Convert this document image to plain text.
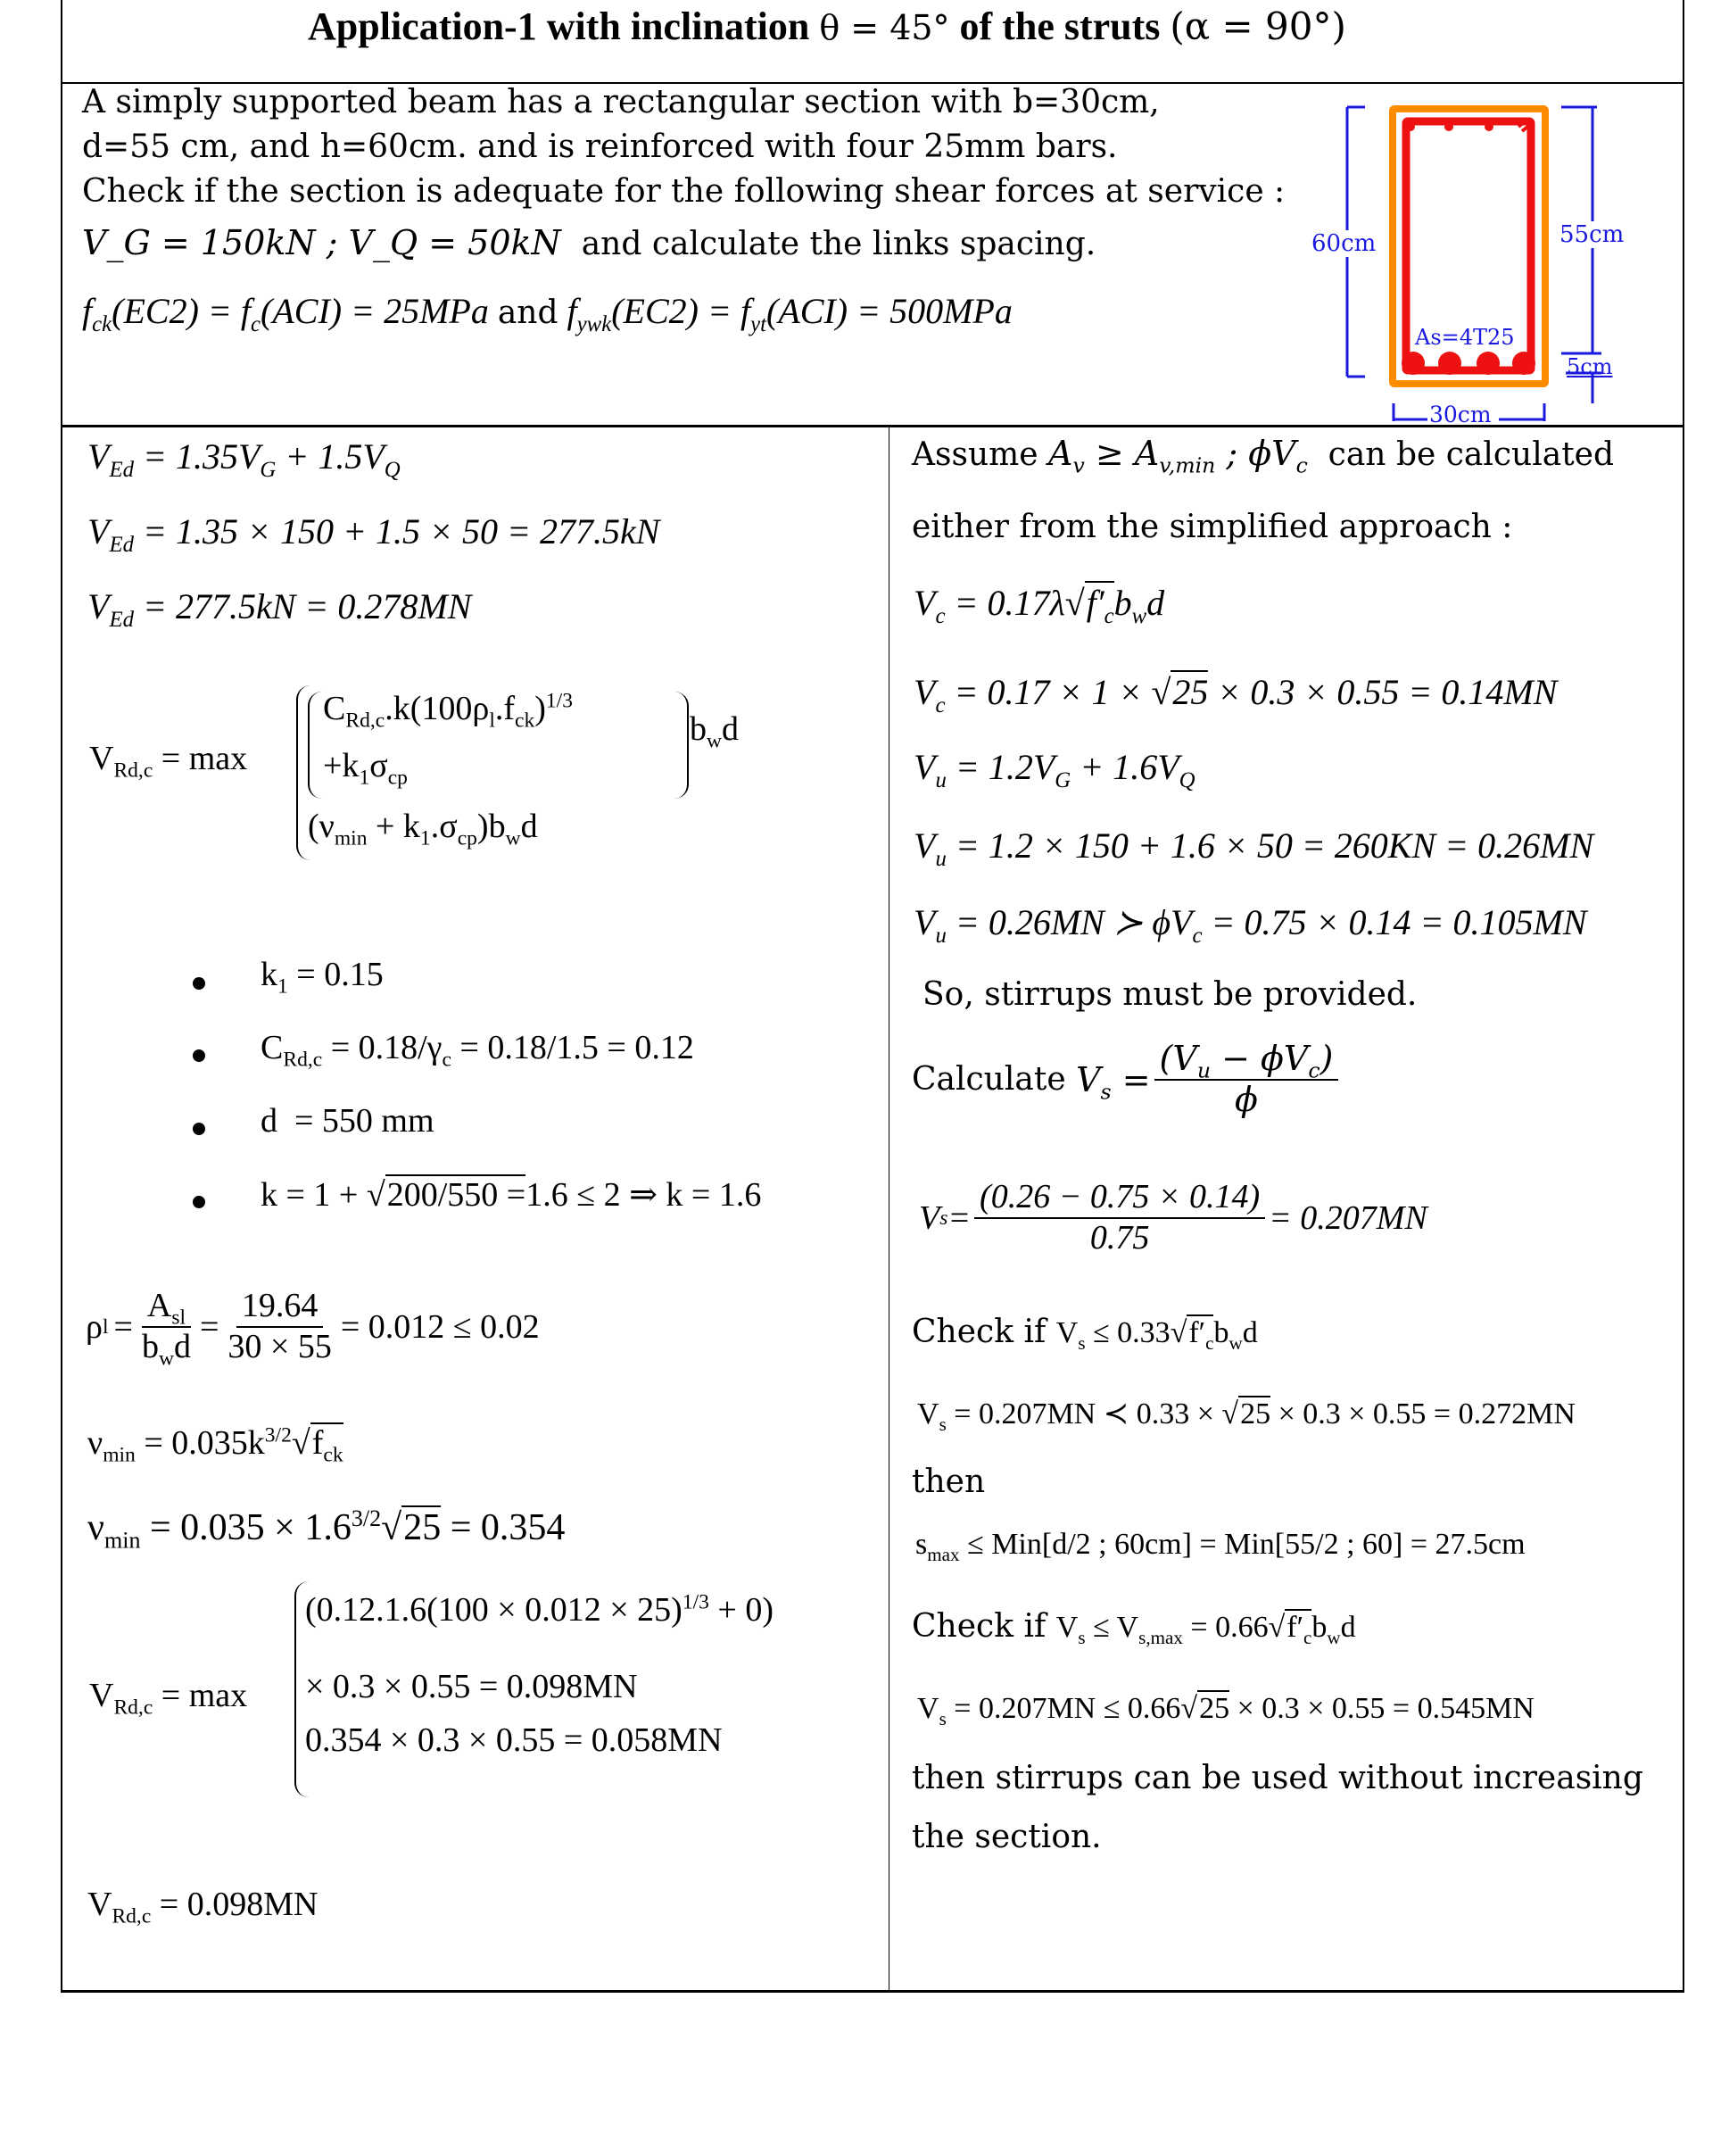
Application-1 with inclination θ = 45° of the struts (α = 90°)
A simply supported beam has a rectangular section with b=30cm,
d=55 cm, and h=60cm. and is reinforced with four 25mm bars.
Check if the section is adequate for the following shear forces at service :
V_G = 150kN ; V_Q = 50kN and calculate the links spacing.
$f_{ck}(EC2) = f_c(ACI) = 25MPa$ and $f_{ywk}(EC2) = f_{yt}(ACI) = 500MPa$
60cm	55cm
5cm
30cm
As=4T25
$V_{Ed} = 1.35V_G + 1.5V_Q$
$V_{Ed} = 1.35 \times 150 + 1.5 \times 50 = 277.5kN$
$V_{Ed} = 277.5kN = 0.278MN$
$V_{Rd,c} = \max$
$C_{Rd,c}.k(100\rho_l.f_{ck})^{1/3}$
$b_wd$
$+k_1\sigma_{cp}$
$(\nu_{min} + k_1.\sigma_{cp})b_wd$
$k_1 = 0.15$
$C_{Rd,c} = 0.18/\gamma_c = 0.18/1.5 = 0.12$
d  = 550 mm
k = 1 + √200/550 =1.6 ≤ 2 ⇒ k = 1.6
ρ $l = \frac{A_{sl}}{b_wd} = \frac{19.64}{30 \times 55} = 0.012 \le 0.02$
$\nu_{min} = 0.035k^{3/2}√f_{ck}$
$\nu_{min} = 0.035 \times 1.6^{3/2}√25 = 0.354$
$V_{Rd,c} = \max$
$(0.12.1.6(100 \times 0.012 \times 25)^{1/3} + 0)$
× 0.3 × 0.55 = 0.098MN
0.354 × 0.3 × 0.55 = 0.058MN
$V_{Rd,c} = 0.098MN$
Assume $A_v \ge A_{v,min}$ ; $\phi V_c$  can be calculated
either from the simplified approach :
$V_c = 0.17\lambda√f'_cb_wd$
$V_c = 0.17 \times 1 \times √25 \times 0.3 \times 0.55 = 0.14MN$
$V_u = 1.2V_G + 1.6V_Q$
$V_u = 1.2 \times 150 + 1.6 \times 50 = 260KN = 0.26MN$
$V_u = 0.26MN$ ≻ $\phi V_c = 0.75 \times 0.14 = 0.105MN$
So, stirrups must be provided.
Calculate $V_s = \frac{(V_u - \phi V_c)}{\phi}$
V $s = \frac{(0.26 - 0.75 \times 0.14)}{0.75} = 0.207MN$
Check if $V_s \le 0.33√f'_cb_wd$
$V_s = 0.207MN$ ≺ 0.33 × √25 × 0.3 × 0.55 = 0.272MN
then
$s_{max} \le Min[d/2$ ; 60cm] = Min[55/2 ; 60] = 27.5cm
Check if $V_s \le V_{s,max} = 0.66√f'_cb_wd$
$V_s = 0.207MN \le 0.66√25 \times 0.3 \times 0.55 = 0.545MN$
then stirrups can be used without increasing
the section.
